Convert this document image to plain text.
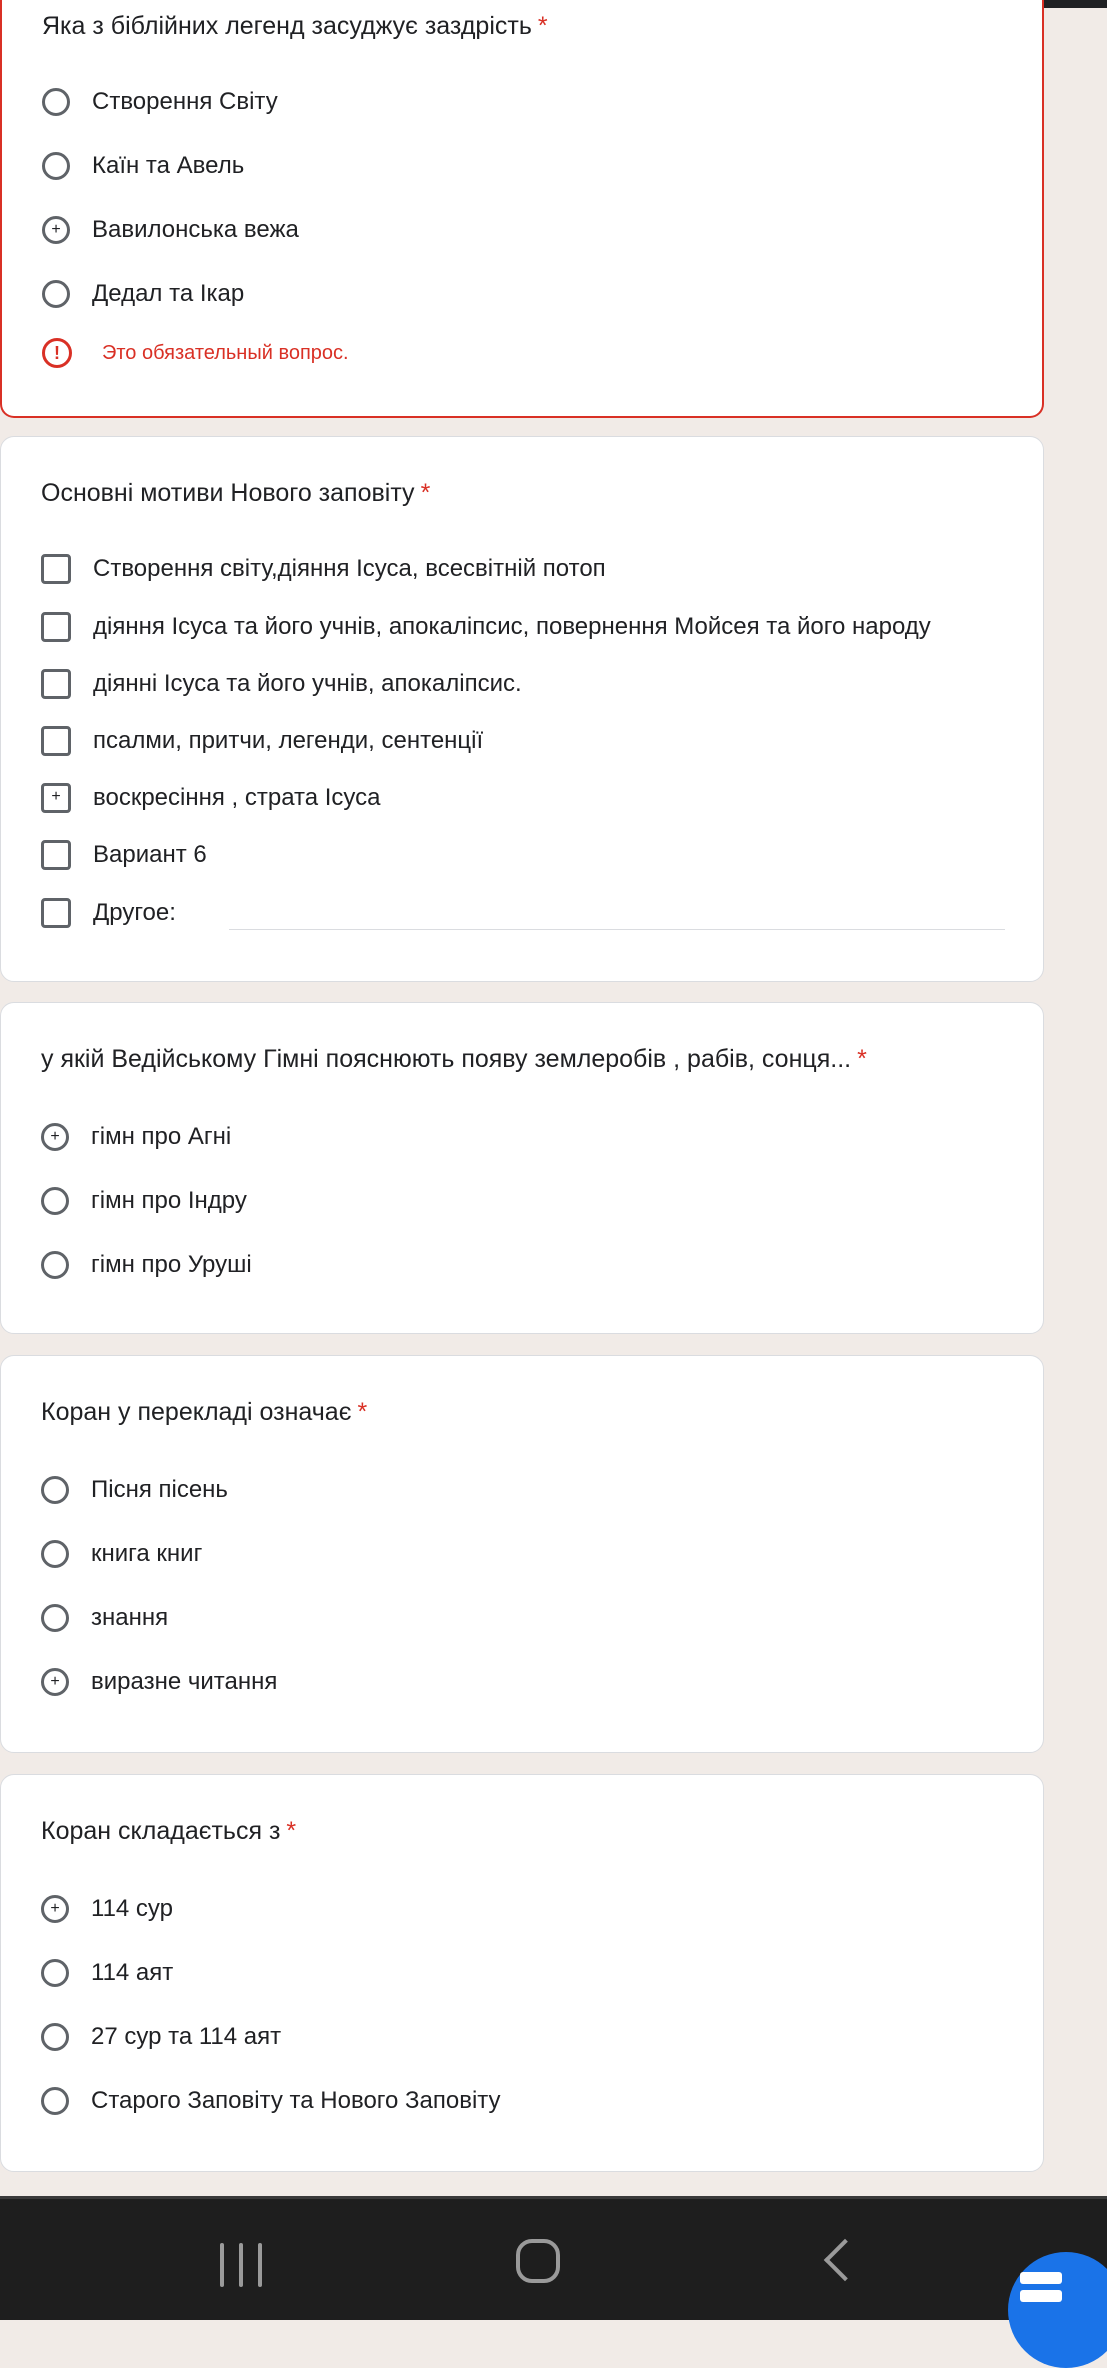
Яка з біблійних легенд засуджує заздрість *
Створення Світу
Каїн та Авель
+ Вавилонська вежа
Дедал та Ікар
!	Это обязательный вопрос.
Основні мотиви Нового заповіту *
Створення світу,діяння Ісуса, всесвітній потоп
діяння Ісуса та його учнів, апокаліпсис, повернення Мойсея та його народу
діянні Ісуса та його учнів, апокаліпсис.
псалми, притчи, легенди, сентенції
+	воскресіння , страта Ісуса
Вариант 6
Другое:
у якій Ведійському Гімні пояснюють появу землеробів , рабів, сонця... *
+ гімн про Агні
гімн про Індру
гімн про Уруші
Коран у перекладі означає *
Пісня пісень
книга книг
знання
+ виразне читання
Коран складається з *
+ 114 сур
114 аят
27 сур та 114 аят
Старого Заповіту та Нового Заповіту
